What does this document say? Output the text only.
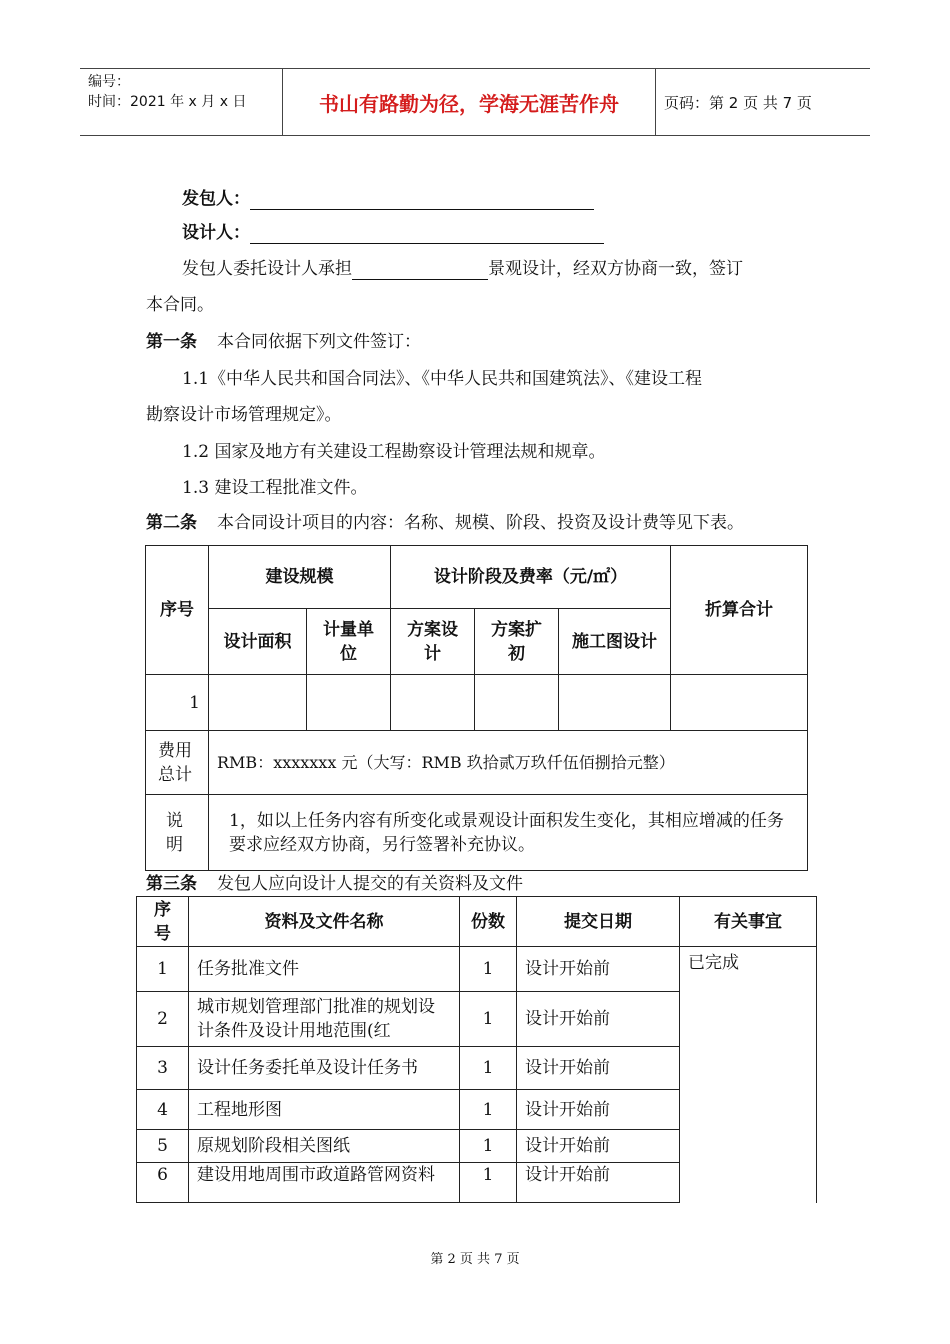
编号：
时间：2021 年 x 月 x 日	书山有路勤为径，学海无涯苦作舟	页码：第 2 页 共 7 页
发包人：
设计人：
发包人委托设计人承担	景观设计，经双方协商一致，签订
本合同。
第一条 本合同依据下列文件签订：
1.1《中华人民共和国合同法》、《中华人民共和国建筑法》、《建设工程
勘察设计市场管理规定》。
1.2 国家及地方有关建设工程勘察设计管理法规和规章。
1.3 建设工程批准文件。
第二条 本合同设计项目的内容：名称、规模、阶段、投资及设计费等见下表。
序号	建设规模		设计阶段及费率（元/㎡）			折算合计
	设计面积	计量单位	方案设计	方案扩初	施工图设计	
1						
费用总计	RMB：xxxxxxx 元（大写：RMB 玖拾贰万玖仟伍佰捌拾元整）					
说明	1，如以上任务内容有所变化或景观设计面积发生变化，其相应增减的任务要求应经双方协商，另行签署补充协议。					
第三条 发包人应向设计人提交的有关资料及文件
序号	资料及文件名称	份数	提交日期	有关事宜
1	任务批准文件	1	设计开始前	已完成
2	城市规划管理部门批准的规划设计条件及设计用地范围(红	1	设计开始前	
3	设计任务委托单及设计任务书	1	设计开始前	
4	工程地形图	1	设计开始前	
5	原规划阶段相关图纸	1	设计开始前	
6	建设用地周围市政道路管网资料	1	设计开始前	
第 2 页 共 7 页
